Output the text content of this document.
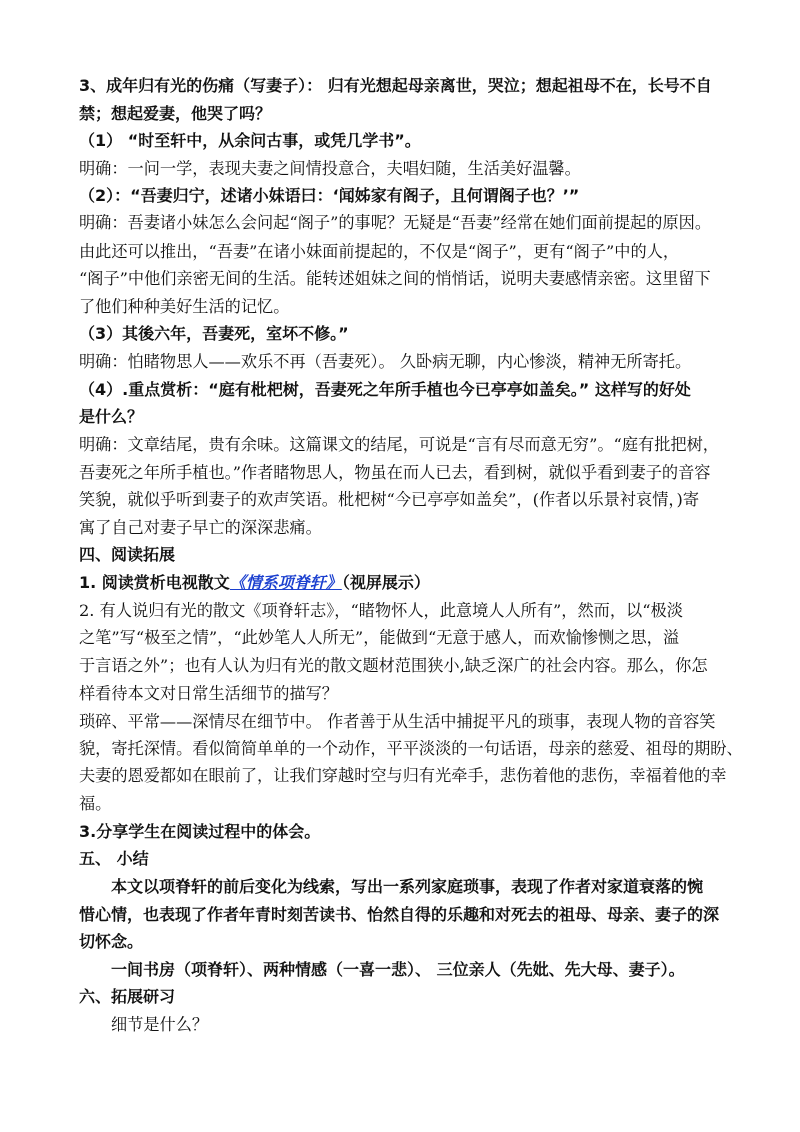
3、成年归有光的伤痛（写妻子）： 归有光想起母亲离世，哭泣；想起祖母不在，长号不自
禁；想起爱妻，他哭了吗？
（1） “时至轩中，从余问古事，或凭几学书”。
明确：一问一学，表现夫妻之间情投意合，夫唱妇随，生活美好温馨。
（2）：“吾妻归宁，述诸小妹语曰：‘闻姊家有阁子，且何谓阁子也？’”
明确：吾妻诸小妹怎么会问起“阁子”的事呢？无疑是“吾妻”经常在她们面前提起的原因。
由此还可以推出，“吾妻”在诸小妹面前提起的，不仅是“阁子”，更有“阁子”中的人，
“阁子”中他们亲密无间的生活。能转述姐妹之间的悄悄话，说明夫妻感情亲密。这里留下
了他们种种美好生活的记忆。
（3）其後六年，吾妻死，室坏不修。”
明确：怕睹物思人——欢乐不再（吾妻死）。 久卧病无聊，内心惨淡，精神无所寄托。
（4）.重点赏析：“庭有枇杷树，吾妻死之年所手植也今已亭亭如盖矣。” 这样写的好处
是什么？
明确：文章结尾，贵有余味。这篇课文的结尾，可说是“言有尽而意无穷”。“庭有批把树，
吾妻死之年所手植也。”作者睹物思人，物虽在而人已去，看到树，就似乎看到妻子的音容
笑貌，就似乎听到妻子的欢声笑语。枇杷树“今已亭亭如盖矣”，(作者以乐景衬哀情，)寄
寓了自己对妻子早亡的深深悲痛。
四、阅读拓展
1. 阅读赏析电视散文《情系项脊轩》（视屏展示）
2. 有人说归有光的散文《项脊轩志》，“睹物怀人，此意境人人所有”，然而，以“极淡
之笔”写“极至之情”，“此妙笔人人所无”，能做到“无意于感人，而欢愉惨恻之思，溢
于言语之外”；也有人认为归有光的散文题材范围狭小,缺乏深广的社会内容。那么，你怎
样看待本文对日常生活细节的描写？
琐碎、平常——深情尽在细节中。 作者善于从生活中捕捉平凡的琐事，表现人物的音容笑
貌，寄托深情。看似简简单单的一个动作，平平淡淡的一句话语，母亲的慈爱、祖母的期盼、
夫妻的恩爱都如在眼前了，让我们穿越时空与归有光牵手，悲伤着他的悲伤，幸福着他的幸
福。
3.分享学生在阅读过程中的体会。
五、 小结
本文以项脊轩的前后变化为线索，写出一系列家庭琐事，表现了作者对家道衰落的惋
惜心情，也表现了作者年青时刻苦读书、怡然自得的乐趣和对死去的祖母、母亲、妻子的深
切怀念。
一间书房（项脊轩）、两种情感（一喜一悲）、 三位亲人（先妣、先大母、妻子）。
六、拓展研习
细节是什么？
